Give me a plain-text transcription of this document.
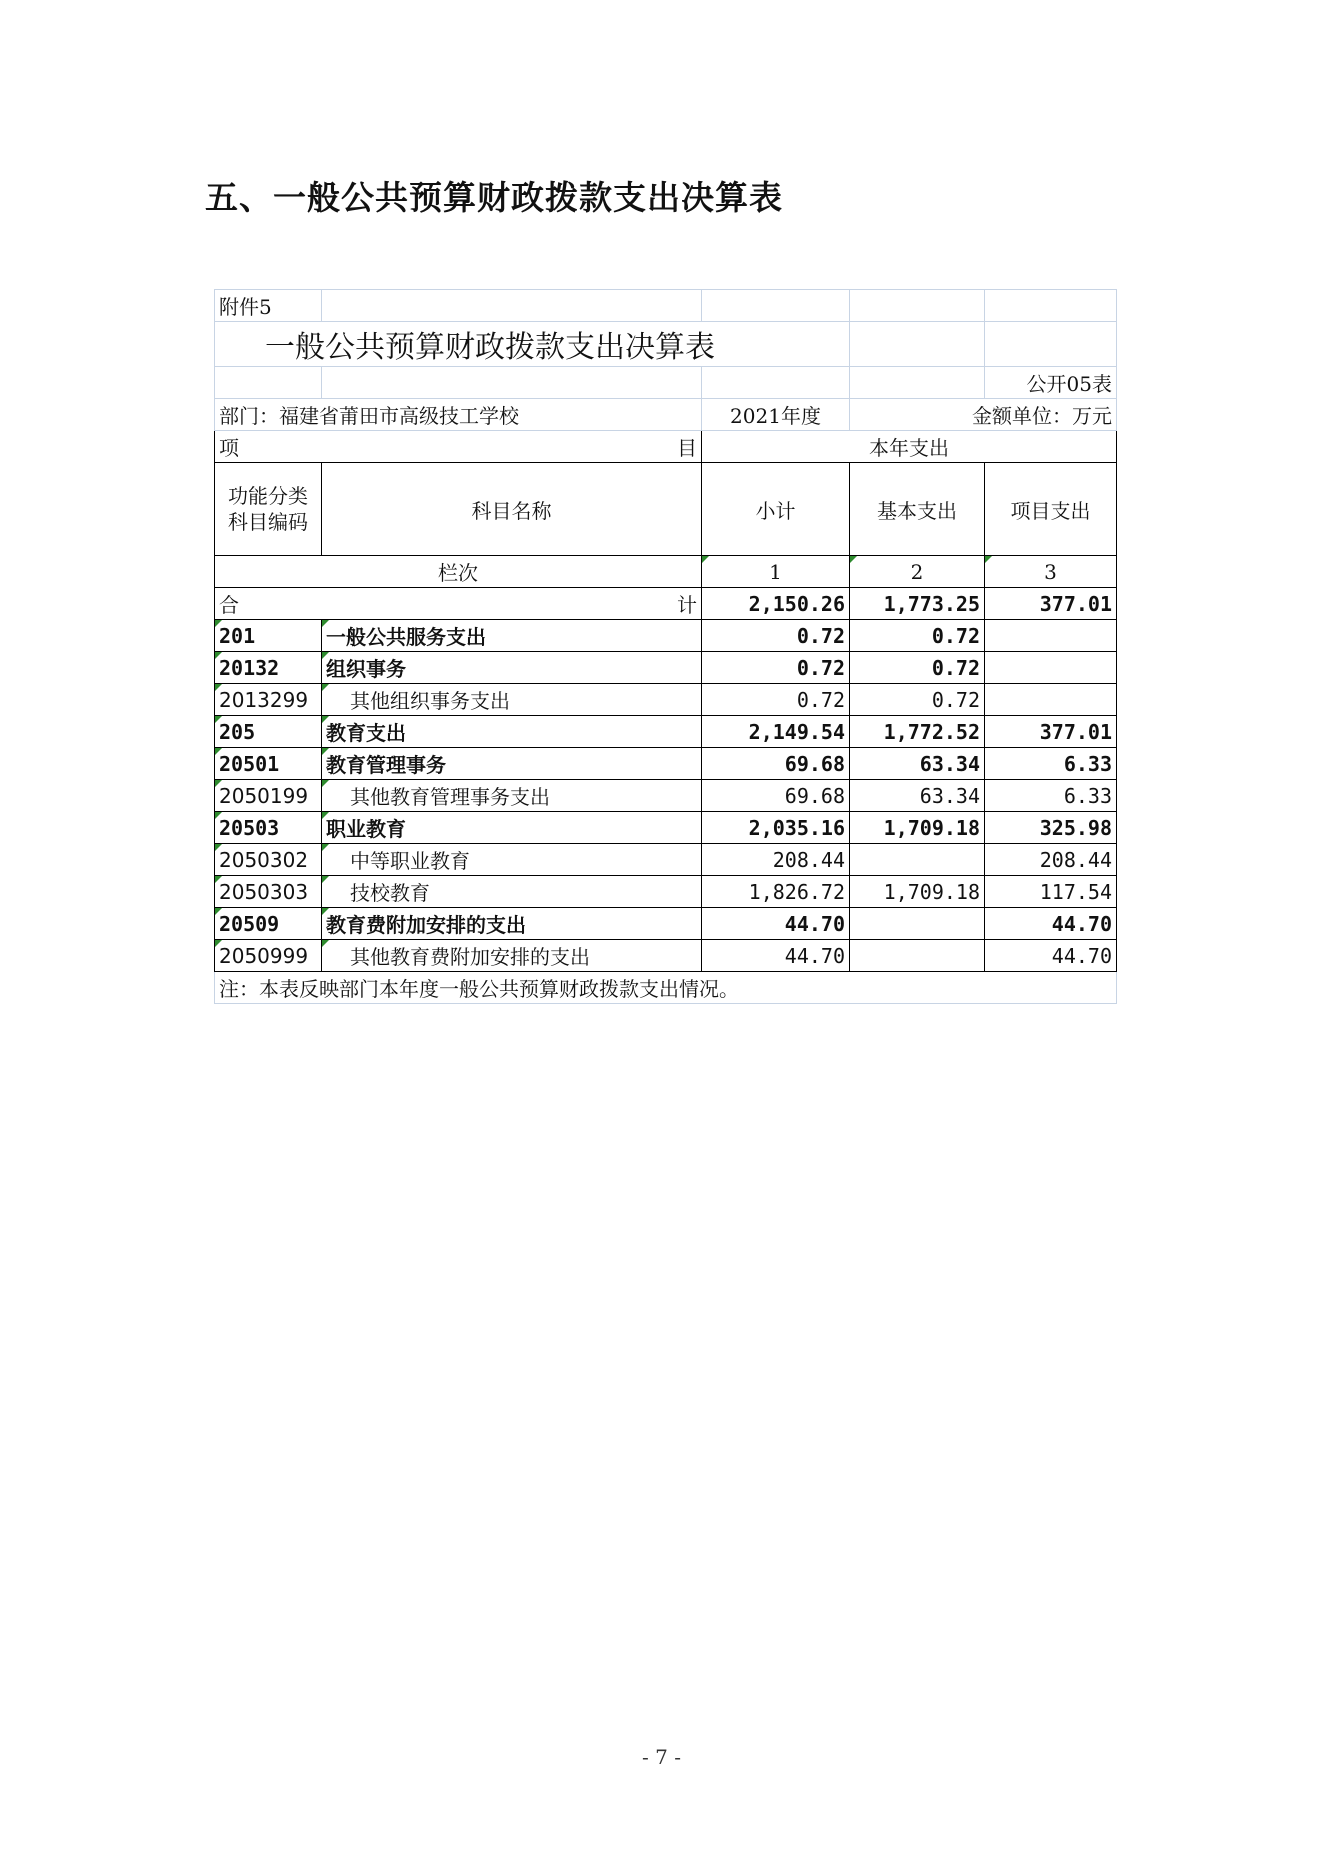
五、一般公共预算财政拨款支出决算表
附件5				
一般公共预算财政拨款支出决算表				
				公开05表
部门：福建省莆田市高级技工学校		2021年度	金额单位：万元	

项 目		本年支出		
功能分类
科目编码	科目名称	小计	基本支出	项目支出
栏次		1	2	3

合 计		2,150.26	1,773.25	377.01
201	一般公共服务支出	0.72	0.72	
20132	组织事务	0.72	0.72	
2013299	其他组织事务支出	0.72	0.72	
205	教育支出	2,149.54	1,772.52	377.01
20501	教育管理事务	69.68	63.34	6.33
2050199	其他教育管理事务支出	69.68	63.34	6.33
20503	职业教育	2,035.16	1,709.18	325.98
2050302	中等职业教育	208.44		208.44
2050303	技校教育	1,826.72	1,709.18	117.54
20509	教育费附加安排的支出	44.70		44.70
2050999	其他教育费附加安排的支出	44.70		44.70
注：本表反映部门本年度一般公共预算财政拨款支出情况。				
- 7 -
